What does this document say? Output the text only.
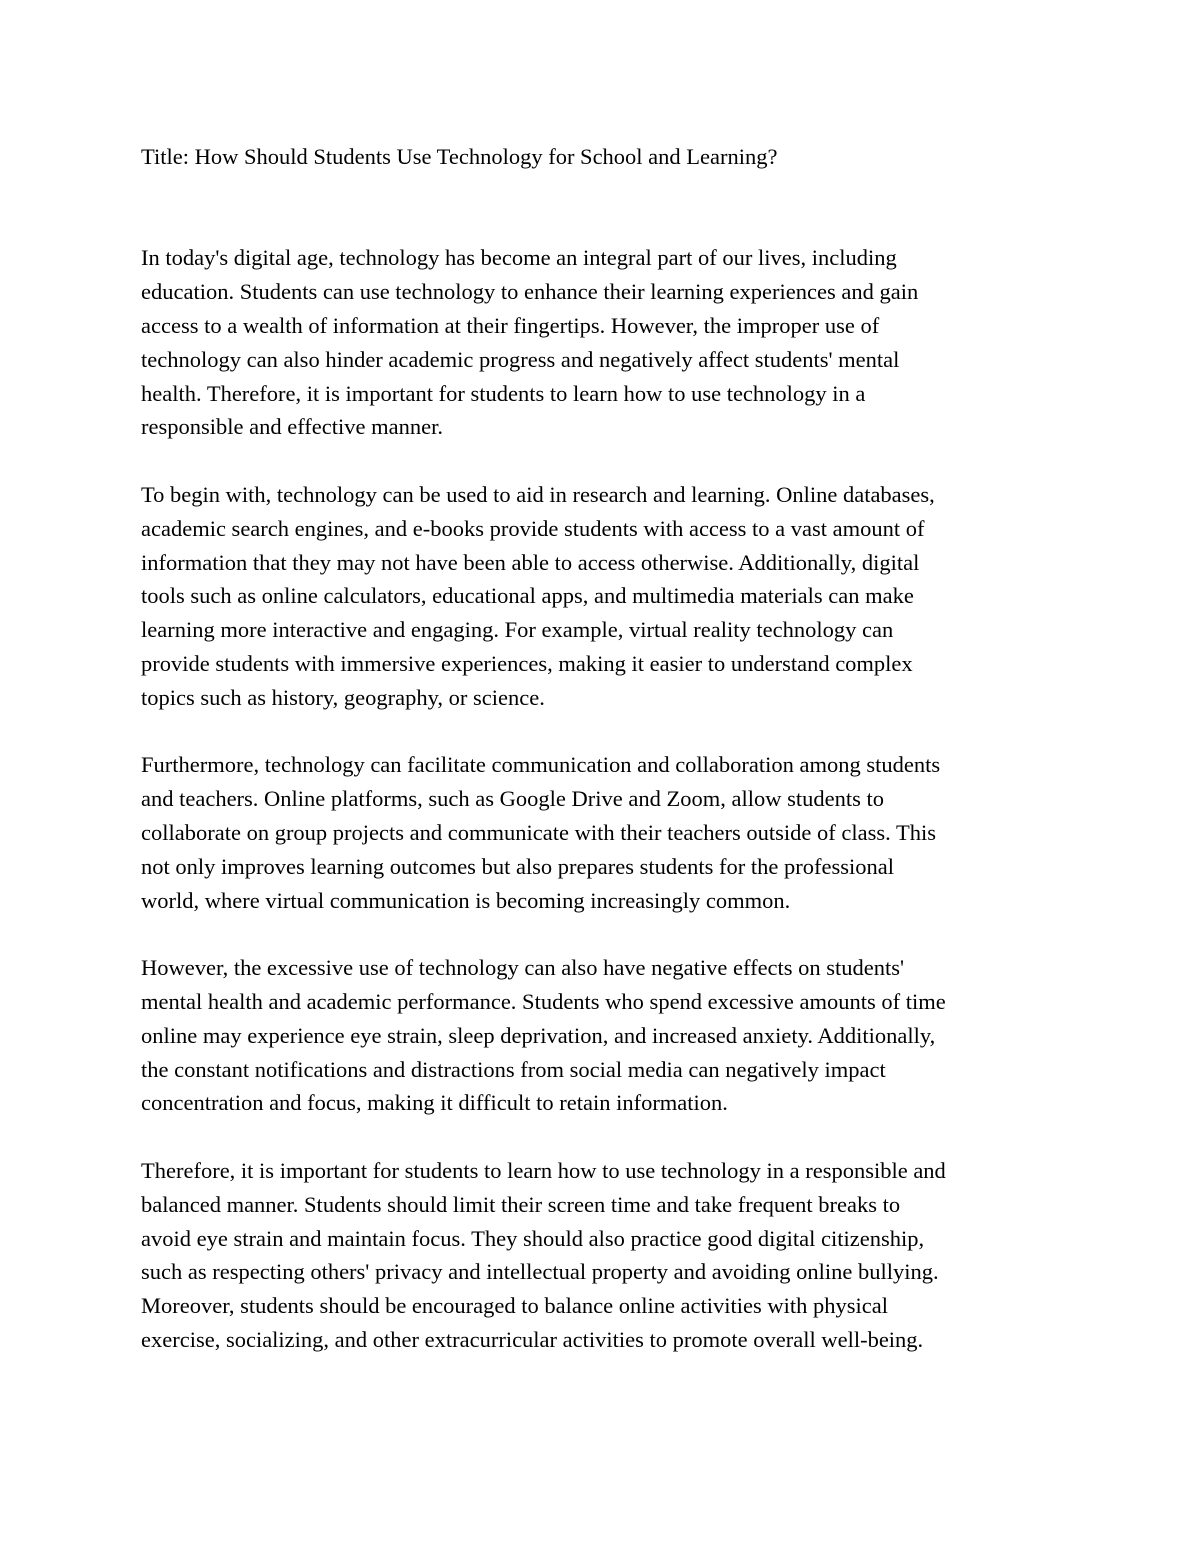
Title: How Should Students Use Technology for School and Learning?

In today's digital age, technology has become an integral part of our lives, including
education. Students can use technology to enhance their learning experiences and gain
access to a wealth of information at their fingertips. However, the improper use of
technology can also hinder academic progress and negatively affect students' mental
health. Therefore, it is important for students to learn how to use technology in a
responsible and effective manner.

To begin with, technology can be used to aid in research and learning. Online databases,
academic search engines, and e-books provide students with access to a vast amount of
information that they may not have been able to access otherwise. Additionally, digital
tools such as online calculators, educational apps, and multimedia materials can make
learning more interactive and engaging. For example, virtual reality technology can
provide students with immersive experiences, making it easier to understand complex
topics such as history, geography, or science.

Furthermore, technology can facilitate communication and collaboration among students
and teachers. Online platforms, such as Google Drive and Zoom, allow students to
collaborate on group projects and communicate with their teachers outside of class. This
not only improves learning outcomes but also prepares students for the professional
world, where virtual communication is becoming increasingly common.

However, the excessive use of technology can also have negative effects on students'
mental health and academic performance. Students who spend excessive amounts of time
online may experience eye strain, sleep deprivation, and increased anxiety. Additionally,
the constant notifications and distractions from social media can negatively impact
concentration and focus, making it difficult to retain information.

Therefore, it is important for students to learn how to use technology in a responsible and
balanced manner. Students should limit their screen time and take frequent breaks to
avoid eye strain and maintain focus. They should also practice good digital citizenship,
such as respecting others' privacy and intellectual property and avoiding online bullying.
Moreover, students should be encouraged to balance online activities with physical
exercise, socializing, and other extracurricular activities to promote overall well-being.
